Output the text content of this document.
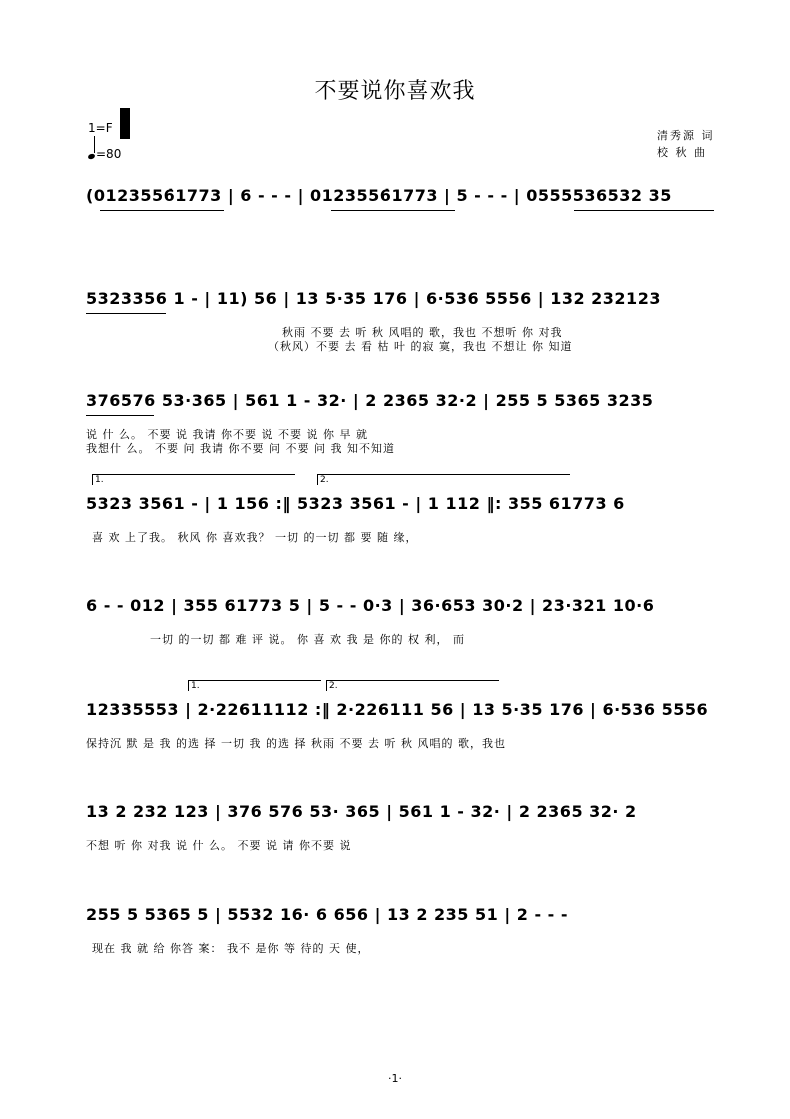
不要说你喜欢我
1=F
=80
清秀源 词
校 秋 曲
(0123556̇1773 | 6 - - - | 0123556̇1773 | 5 - - - | 0555536532 35
5323356 1 - | 11) 56 | 13 5·35 176 | 6·536 5556 | 132 232123
秋雨 不要 去 听 秋 风唱的 歌，我也 不想听 你 对我
（秋风）不要 去 看 枯 叶 的寂 寞，我也 不想让 你 知道
376576 53·365 | 561 1 - 32· | 2 2365 32·2 | 255 5 5365 3235
说 什 么。 不要 说 我请 你不要 说 不要 说 你 早 就
我想什 么。 不要 问 我请 你不要 问 不要 问 我 知不知道
1.	2.
5323 3561 - | 1 156 :‖ 5323 3561 - | 1 112 ‖: 355 61773 6
喜 欢 上了我。 秋风 你 喜欢我？ 一切 的一切 都 要 随 缘，
6 - - 012 | 355 61773 5 | 5 - - 0·3 | 36·653 30·2 | 23·321 10·6
一切 的一切 都 难 评 说。 你 喜 欢 我 是 你的 权 利， 而
1.	2.
12335553 | 2·22611112 :‖ 2·226111 56 | 13 5·35 176 | 6·536 5556
保持沉 默 是 我 的选 择 一切 我 的选 择 秋雨 不要 去 听 秋 风唱的 歌，我也
13 2 232 123 | 376 576 53· 365 | 561 1 - 32· | 2 2365 32· 2
不想 听 你 对我 说 什 么。 不要 说 请 你不要 说
255 5 5365 5 | 5532 16· 6 656 | 13 2 235 51 | 2 - - -
现在 我 就 给 你答 案： 我不 是你 等 待的 天 使，
·1·
